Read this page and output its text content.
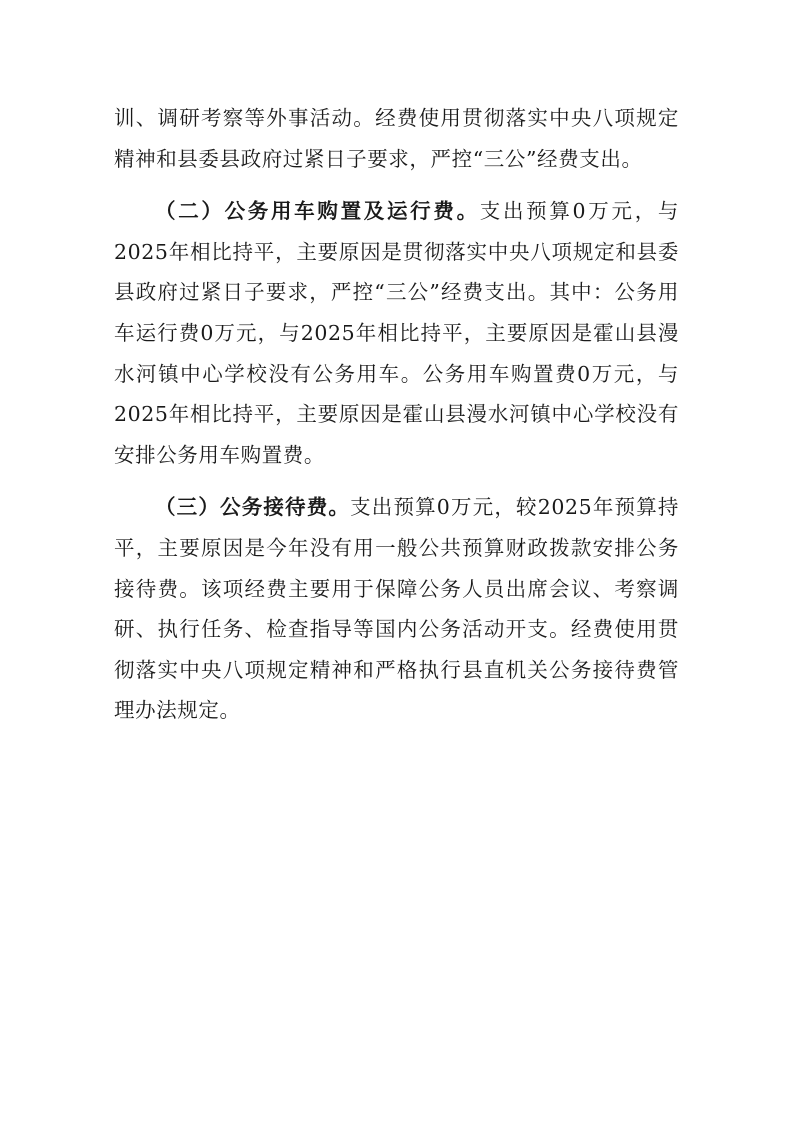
训、调研考察等外事活动。经费使用贯彻落实中央八项规定精神和县委县政府过紧日子要求，严控“三公”经费支出。

（二）公务用车购置及运行费。支出预算0万元，与2025年相比持平，主要原因是贯彻落实中央八项规定和县委县政府过紧日子要求，严控“三公”经费支出。其中：公务用车运行费0万元，与2025年相比持平，主要原因是霍山县漫水河镇中心学校没有公务用车。公务用车购置费0万元，与2025年相比持平，主要原因是霍山县漫水河镇中心学校没有安排公务用车购置费。

（三）公务接待费。支出预算0万元，较2025年预算持平，主要原因是今年没有用一般公共预算财政拨款安排公务接待费。该项经费主要用于保障公务人员出席会议、考察调研、执行任务、检查指导等国内公务活动开支。经费使用贯彻落实中央八项规定精神和严格执行县直机关公务接待费管理办法规定。
